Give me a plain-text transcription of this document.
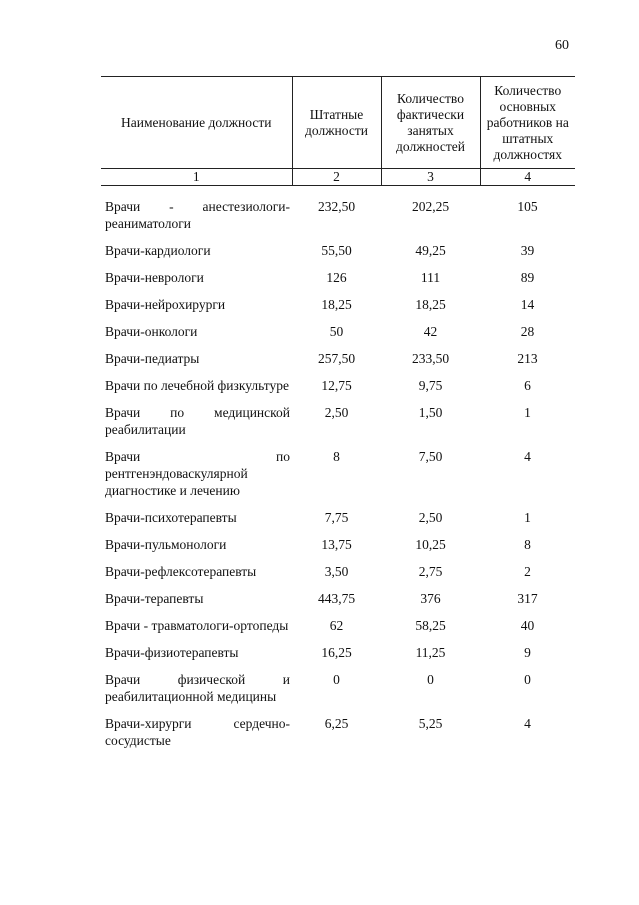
60
Наименование должности	Штатные должности	Количество фактически занятых должностей	Количество основных работников на штатных должностях
1	2	3	4
Врачи - анестезиологи-реаниматологи	232,50	202,25	105
Врачи-кардиологи	55,50	49,25	39
Врачи-неврологи	126	111	89
Врачи-нейрохирурги	18,25	18,25	14
Врачи-онкологи	50	42	28
Врачи-педиатры	257,50	233,50	213
Врачи по лечебной физкультуре	12,75	9,75	6
Врачи по медицинской реабилитации	2,50	1,50	1
Врачи по рентгенэндоваскулярной диагностике и лечению	8	7,50	4
Врачи-психотерапевты	7,75	2,50	1
Врачи-пульмонологи	13,75	10,25	8
Врачи-рефлексотерапевты	3,50	2,75	2
Врачи-терапевты	443,75	376	317
Врачи - травматологи-ортопеды	62	58,25	40
Врачи-физиотерапевты	16,25	11,25	9
Врачи физической и реабилитационной медицины	0	0	0
Врачи-хирурги сердечно-сосудистые	6,25	5,25	4
